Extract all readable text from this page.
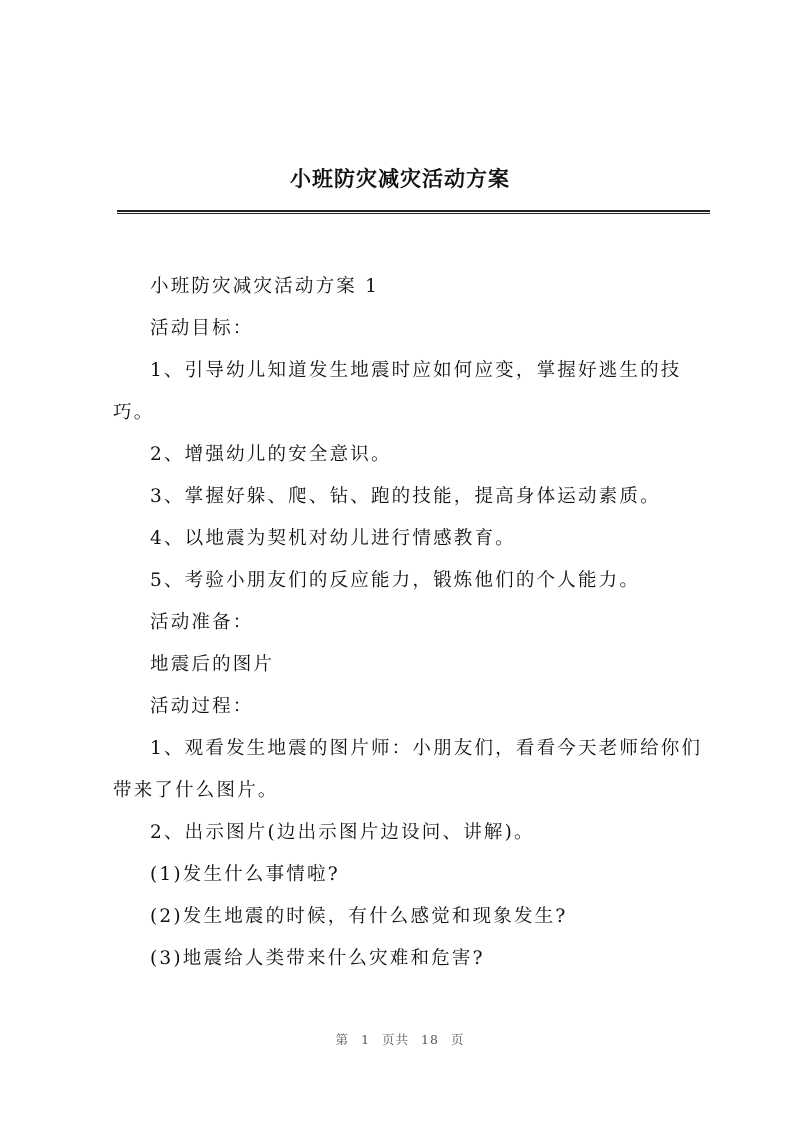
小班防灾减灾活动方案

小班防灾减灾活动方案 1

活动目标：

1、引导幼儿知道发生地震时应如何应变，掌握好逃生的技巧。

2、增强幼儿的安全意识。

3、掌握好躲、爬、钻、跑的技能，提高身体运动素质。

4、以地震为契机对幼儿进行情感教育。

5、考验小朋友们的反应能力，锻炼他们的个人能力。

活动准备：

地震后的图片

活动过程：

1、观看发生地震的图片师：小朋友们，看看今天老师给你们带来了什么图片。

2、出示图片(边出示图片边设问、讲解)。

(1)发生什么事情啦?

(2)发生地震的时候，有什么感觉和现象发生?

(3)地震给人类带来什么灾难和危害?

第 1 页共 18 页
